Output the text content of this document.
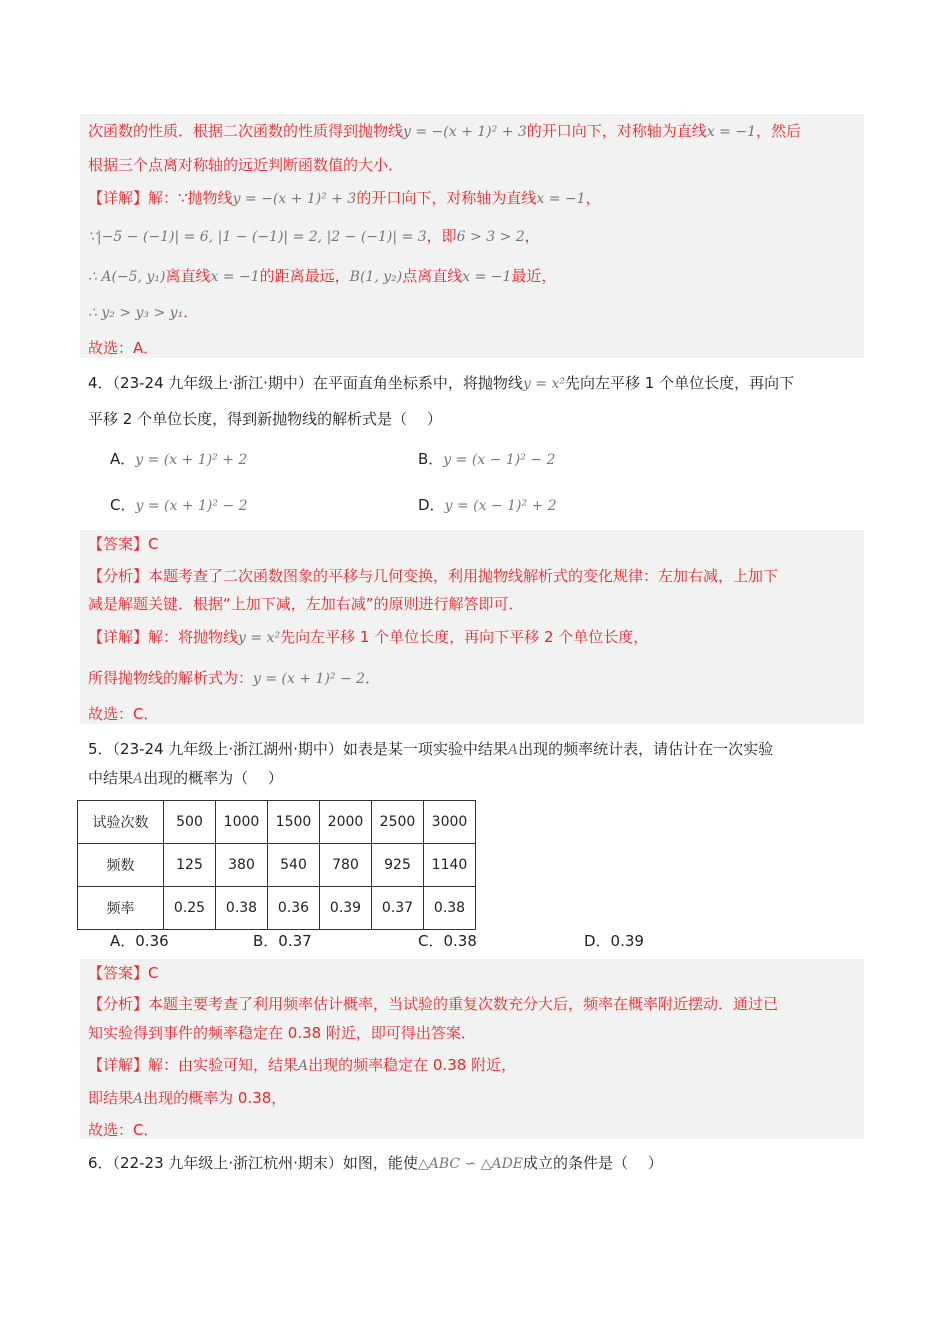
次函数的性质．根据二次函数的性质得到抛物线y = −(x + 1)² + 3的开口向下，对称轴为直线x = −1，然后
根据三个点离对称轴的远近判断函数值的大小．
【详解】解：∵抛物线y = −(x + 1)² + 3的开口向下，对称轴为直线x = −1，
∵|−5 − (−1)| = 6, |1 − (−1)| = 2, |2 − (−1)| = 3，即6 > 3 > 2，
∴ A(−5, y₁)离直线x = −1的距离最远，B(1, y₂)点离直线x = −1最近，
∴ y₂ > y₃ > y₁．
故选：A．
4．（23-24 九年级上·浙江·期中）在平面直角坐标系中，将抛物线y = x²先向左平移 1 个单位长度，再向下
平移 2 个单位长度，得到新抛物线的解析式是（　 ）
A．y = (x + 1)² + 2	B．y = (x − 1)² − 2
C．y = (x + 1)² − 2	D．y = (x − 1)² + 2
【答案】C
【分析】本题考查了二次函数图象的平移与几何变换，利用抛物线解析式的变化规律：左加右减，上加下
减是解题关键．根据“上加下减，左加右减”的原则进行解答即可．
【详解】解：将抛物线y = x²先向左平移 1 个单位长度，再向下平移 2 个单位长度，
所得抛物线的解析式为：y = (x + 1)² − 2．
故选：C．
5．（23-24 九年级上·浙江湖州·期中）如表是某一项实验中结果A出现的频率统计表，请估计在一次实验
中结果A出现的概率为（　 ）
试验次数	500	1000	1500	2000	2500	3000
频数	125	380	540	780	925	1140
频率	0.25	0.38	0.36	0.39	0.37	0.38
A．0.36	B．0.37	C．0.38	D．0.39
【答案】C
【分析】本题主要考查了利用频率估计概率，当试验的重复次数充分大后，频率在概率附近摆动．通过已
知实验得到事件的频率稳定在 0.38 附近，即可得出答案．
【详解】解：由实验可知，结果A出现的频率稳定在 0.38 附近，
即结果A出现的概率为 0.38，
故选：C．
6．（22-23 九年级上·浙江杭州·期末）如图，能使△ABC ∽ △ADE成立的条件是（　 ）
